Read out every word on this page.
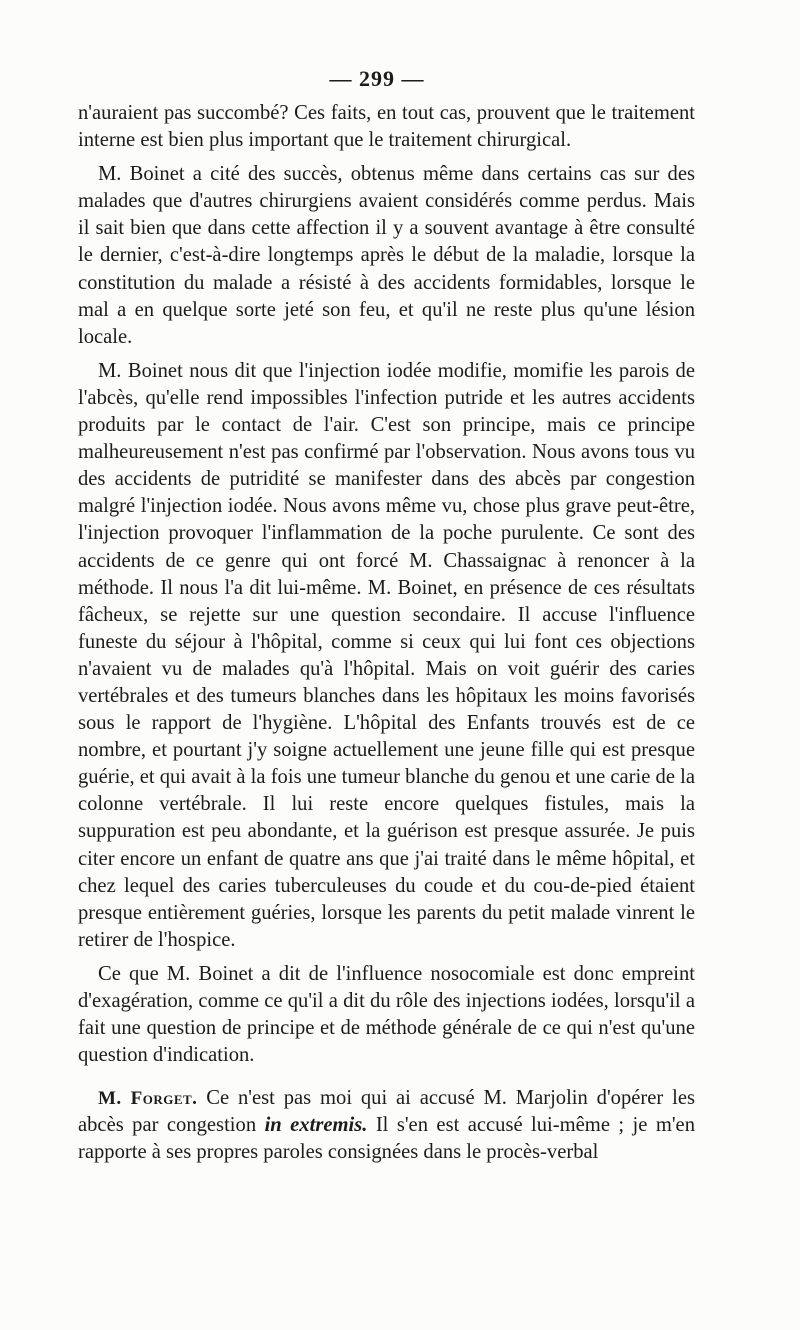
— 299 —

n'auraient pas succombé? Ces faits, en tout cas, prouvent que le traitement interne est bien plus important que le traitement chirurgical.

M. Boinet a cité des succès, obtenus même dans certains cas sur des malades que d'autres chirurgiens avaient considérés comme perdus. Mais il sait bien que dans cette affection il y a souvent avantage à être consulté le dernier, c'est-à-dire longtemps après le début de la maladie, lorsque la constitution du malade a résisté à des accidents formidables, lorsque le mal a en quelque sorte jeté son feu, et qu'il ne reste plus qu'une lésion locale.

M. Boinet nous dit que l'injection iodée modifie, momifie les parois de l'abcès, qu'elle rend impossibles l'infection putride et les autres accidents produits par le contact de l'air. C'est son principe, mais ce principe malheureusement n'est pas confirmé par l'observation. Nous avons tous vu des accidents de putridité se manifester dans des abcès par congestion malgré l'injection iodée. Nous avons même vu, chose plus grave peut-être, l'injection provoquer l'inflammation de la poche purulente. Ce sont des accidents de ce genre qui ont forcé M. Chassaignac à renoncer à la méthode. Il nous l'a dit lui-même. M. Boinet, en présence de ces résultats fâcheux, se rejette sur une question secondaire. Il accuse l'influence funeste du séjour à l'hôpital, comme si ceux qui lui font ces objections n'avaient vu de malades qu'à l'hôpital. Mais on voit guérir des caries vertébrales et des tumeurs blanches dans les hôpitaux les moins favorisés sous le rapport de l'hygiène. L'hôpital des Enfants trouvés est de ce nombre, et pourtant j'y soigne actuellement une jeune fille qui est presque guérie, et qui avait à la fois une tumeur blanche du genou et une carie de la colonne vertébrale. Il lui reste encore quelques fistules, mais la suppuration est peu abondante, et la guérison est presque assurée. Je puis citer encore un enfant de quatre ans que j'ai traité dans le même hôpital, et chez lequel des caries tuberculeuses du coude et du cou-de-pied étaient presque entièrement guéries, lorsque les parents du petit malade vinrent le retirer de l'hospice.

Ce que M. Boinet a dit de l'influence nosocomiale est donc empreint d'exagération, comme ce qu'il a dit du rôle des injections iodées, lorsqu'il a fait une question de principe et de méthode générale de ce qui n'est qu'une question d'indication.

M. Forget. Ce n'est pas moi qui ai accusé M. Marjolin d'opérer les abcès par congestion in extremis. Il s'en est accusé lui-même ; je m'en rapporte à ses propres paroles consignées dans le procès-verbal
